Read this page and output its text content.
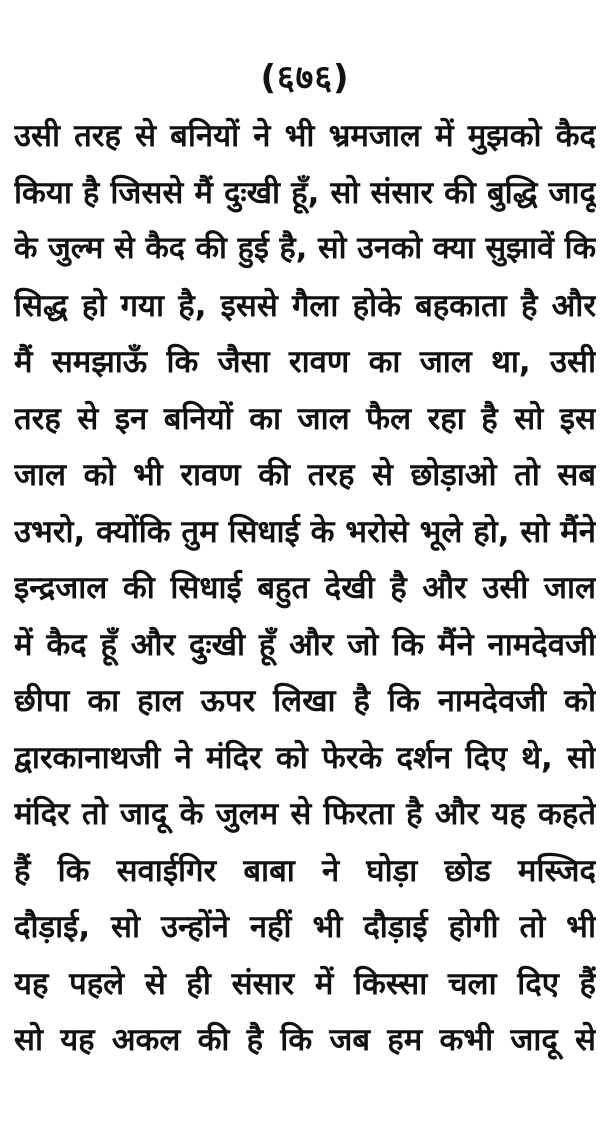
(६७६)
उसी तरह से बनियों ने भी भ्रमजाल में मुझको कैद
किया है जिससे मैं दुःखी हूँ, सो संसार की बुद्धि जादू
के जुल्म से कैद की हुई है, सो उनको क्या सुझावें कि
सिद्ध हो गया है, इससे गैला होके बहकाता है और
मैं समझाऊँ कि जैसा रावण का जाल था, उसी
तरह से इन बनियों का जाल फैल रहा है सो इस
जाल को भी रावण की तरह से छोड़ाओ तो सब
उभरो, क्योंकि तुम सिधाई के भरोसे भूले हो, सो मैंने
इन्द्रजाल की सिधाई बहुत देखी है और उसी जाल
में कैद हूँ और दुःखी हूँ और जो कि मैंने नामदेवजी
छीपा का हाल ऊपर लिखा है कि नामदेवजी को
द्वारकानाथजी ने मंदिर को फेरके दर्शन दिए थे, सो
मंदिर तो जादू के जुलम से फिरता है और यह कहते
हैं कि सवाईगिर बाबा ने घोड़ा छोड मस्जिद
दौड़ाई, सो उन्होंने नहीं भी दौड़ाई होगी तो भी
यह पहले से ही संसार में किस्सा चला दिए हैं
सो यह अकल की है कि जब हम कभी जादू से
